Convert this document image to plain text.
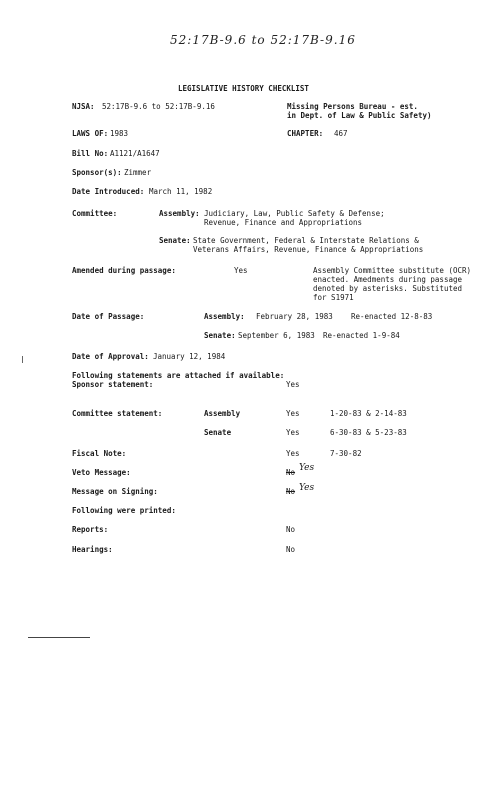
52:17B-9.6 to 52:17B-9.16
LEGISLATIVE HISTORY CHECKLIST
NJSA: 52:17B-9.6 to 52:17B-9.16	Missing Persons Bureau - est.
in Dept. of Law & Public Safety)
LAWS OF: 1983	CHAPTER: 467
Bill No: A1121/A1647
Sponsor(s): Zimmer
Date Introduced: March 11, 1982
Committee:	Assembly: Judiciary, Law, Public Safety & Defense;
Revenue, Finance and Appropriations
Senate: State Government, Federal & Interstate Relations &
Veterans Affairs, Revenue, Finance & Appropriations
Amended during passage:	Yes	Assembly Committee substitute (OCR)
enacted. Amedments during passage
denoted by asterisks. Substituted
for S1971
Date of Passage:	Assembly: February 28, 1983 Re-enacted 12-8-83
Senate: September 6, 1983 Re-enacted 1-9-84
Date of Approval: January 12, 1984
Following statements are attached if available:
Sponsor statement:	Yes
Committee statement:	Assembly	Yes	1-20-83 & 2-14-83
Senate	Yes	6-30-83 & 5-23-83
Fiscal Note:	Yes	7-30-82
Veto Message:	No Yes
Message on Signing:	No Yes
Following were printed:
Reports:	No
Hearings:	No
